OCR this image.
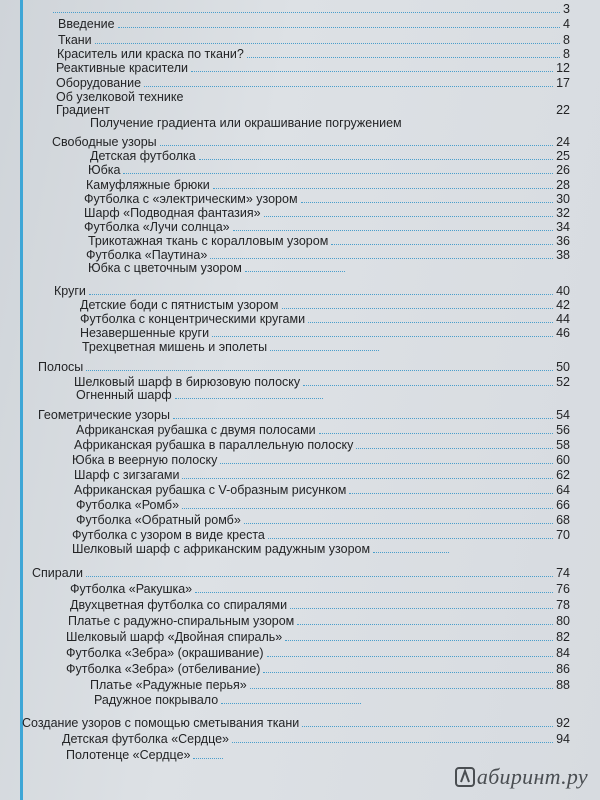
3
Введение	4
Ткани	8
Краситель или краска по ткани?	8
Реактивные красители	12
Оборудование	17
Об узелковой технике
Градиент	22
Получение градиента или окрашивание погружением
Свободные узоры	24
Детская футболка	25
Юбка	26
Камуфляжные брюки	28
Футболка с «электрическим» узором	30
Шарф «Подводная фантазия»	32
Футболка «Лучи солнца»	34
Трикотажная ткань с коралловым узором	36
Футболка «Паутина»	38
Юбка с цветочным узором
Круги	40
Детские боди с пятнистым узором	42
Футболка с концентрическими кругами	44
Незавершенные круги	46
Трехцветная мишень и эполеты
Полосы	50
Шелковый шарф в бирюзовую полоску	52
Огненный шарф
Геометрические узоры	54
Африканская рубашка с двумя полосами	56
Африканская рубашка в параллельную полоску	58
Юбка в веерную полоску	60
Шарф с зигзагами	62
Африканская рубашка с V-образным рисунком	64
Футболка «Ромб»	66
Футболка «Обратный ромб»	68
Футболка с узором в виде креста	70
Шелковый шарф с африканским радужным узором
Спирали	74
Футболка «Ракушка»	76
Двухцветная футболка со спиралями	78
Платье с радужно-спиральным узором	80
Шелковый шарф «Двойная спираль»	82
Футболка «Зебра» (окрашивание)	84
Футболка «Зебра» (отбеливание)	86
Платье «Радужные перья»	88
Радужное покрывало
Создание узоров с помощью сметывания ткани	92
Детская футболка «Сердце»	94
Полотенце «Сердце»
абиринт.ру
